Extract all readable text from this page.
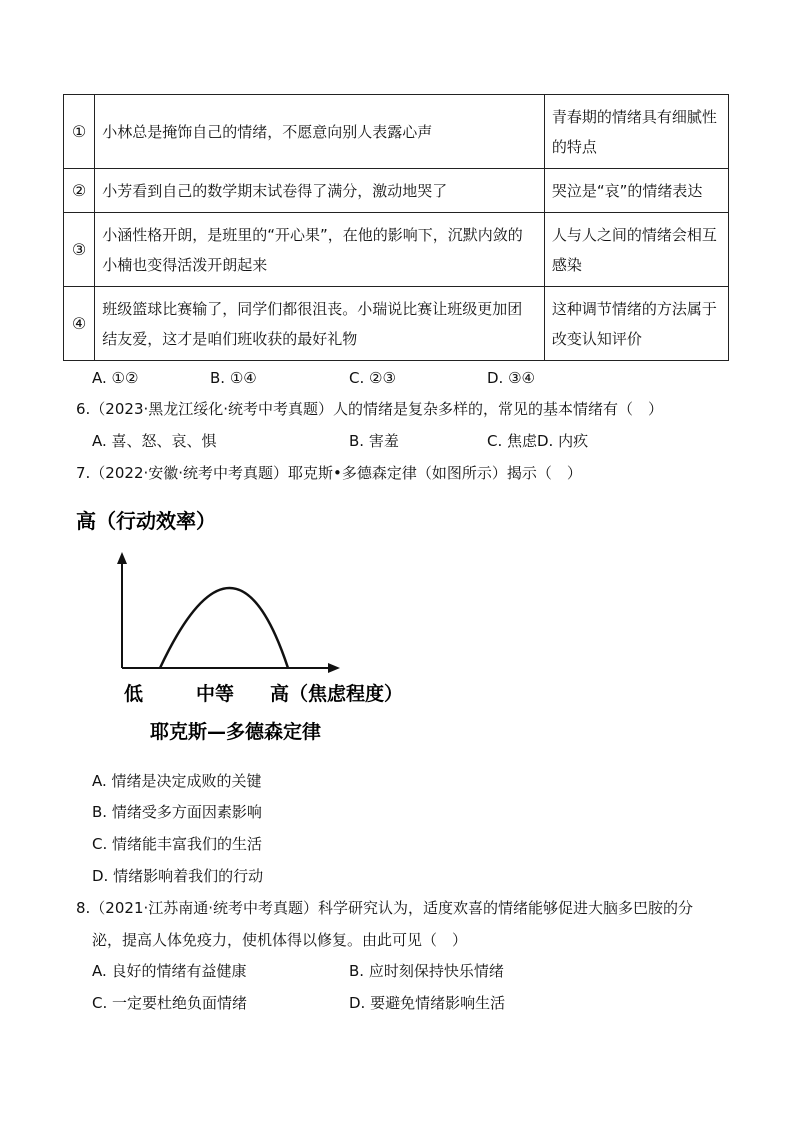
①	小林总是掩饰自己的情绪，不愿意向别人表露心声	青春期的情绪具有细腻性的特点
②	小芳看到自己的数学期末试卷得了满分，激动地哭了	哭泣是“哀”的情绪表达
③	小涵性格开朗，是班里的“开心果”，在他的影响下，沉默内敛的小楠也变得活泼开朗起来	人与人之间的情绪会相互感染
④	班级篮球比赛输了，同学们都很沮丧。小瑞说比赛让班级更加团结友爱，这才是咱们班收获的最好礼物	这种调节情绪的方法属于改变认知评价
A. ①②	B. ①④	C. ②③	D. ③④
6.（2023·黑龙江绥化·统考中考真题）人的情绪是复杂多样的，常见的基本情绪有（　）
A. 喜、怒、哀、惧	B. 害羞	C. 焦虑D. 内疚
7.（2022·安徽·统考中考真题）耶克斯•多德森定律（如图所示）揭示（　）
高（行动效率）
低	中等 高（焦虑程度）
耶克斯—多德森定律
A. 情绪是决定成败的关键
B. 情绪受多方面因素影响
C. 情绪能丰富我们的生活
D. 情绪影响着我们的行动
8.（2021·江苏南通·统考中考真题）科学研究认为，适度欢喜的情绪能够促进大脑多巴胺的分
泌，提高人体免疫力，使机体得以修复。由此可见（　）
A. 良好的情绪有益健康	B. 应时刻保持快乐情绪
C. 一定要杜绝负面情绪	D. 要避免情绪影响生活
